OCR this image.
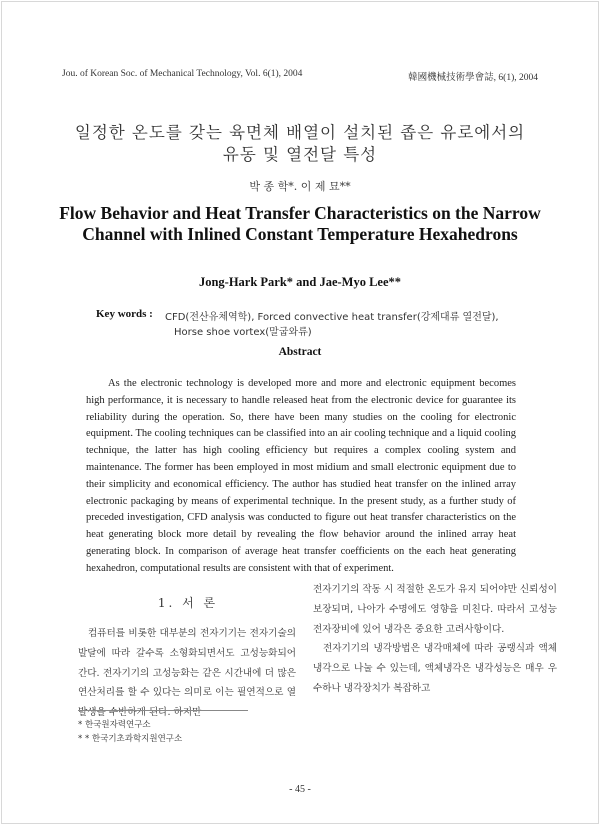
Jou. of Korean Soc. of Mechanical Technology, Vol. 6(1), 2004	韓國機械技術學會誌, 6(1), 2004
일정한 온도를 갖는 육면체 배열이 설치된 좁은 유로에서의
유동 및 열전달 특성
박 종 학*. 이 제 묘**
Flow Behavior and Heat Transfer Characteristics on the Narrow Channel with Inlined Constant Temperature Hexahedrons
Jong-Hark Park* and Jae-Myo Lee**
Key words : CFD(전산유체역학), Forced convective heat transfer(강제대류 열전달),
Horse shoe vortex(말굽와류)
Abstract

As the electronic technology is developed more and more and electronic equipment becomes high performance, it is necessary to handle released heat from the electronic device for guarantee its reliability during the operation. So, there have been many studies on the cooling for electronic equipment. The cooling techniques can be classified into an air cooling technique and a liquid cooling technique, the latter has high cooling efficiency but requires a complex cooling system and maintenance. The former has been employed in most midium and small electronic equipment due to their simplicity and economical efficiency. The author has studied heat transfer on the inlined array electronic packaging by means of experimental technique. In the present study, as a further study of preceded investigation, CFD analysis was conducted to figure out heat transfer characteristics on the heat generating block more detail by revealing the flow behavior around the inlined array heat generating block. In comparison of average heat transfer coefficients on the each heat generating hexahedron, computational results are consistent with that of experiment.

1. 서 론

컴퓨터를 비롯한 대부분의 전자기기는 전자기술의 발달에 따라 갈수록 소형화되면서도 고성능화되어 간다. 전자기기의 고성능화는 같은 시간내에 더 많은 연산처리를 할 수 있다는 의미로 이는 필연적으로 열발생을 수반하게 된다. 하지만

전자기기의 작동 시 적절한 온도가 유지 되어야만 신뢰성이 보장되며, 나아가 수명에도 영향을 미친다. 따라서 고성능 전자장비에 있어 냉각은 중요한 고려사항이다.

전자기기의 냉각방법은 냉각매체에 따라 공랭식과 액체냉각으로 나눌 수 있는데, 액체냉각은 냉각성능은 매우 우수하나 냉각장치가 복잡하고

* 한국원자력연구소
* * 한국기초과학지원연구소
- 45 -
